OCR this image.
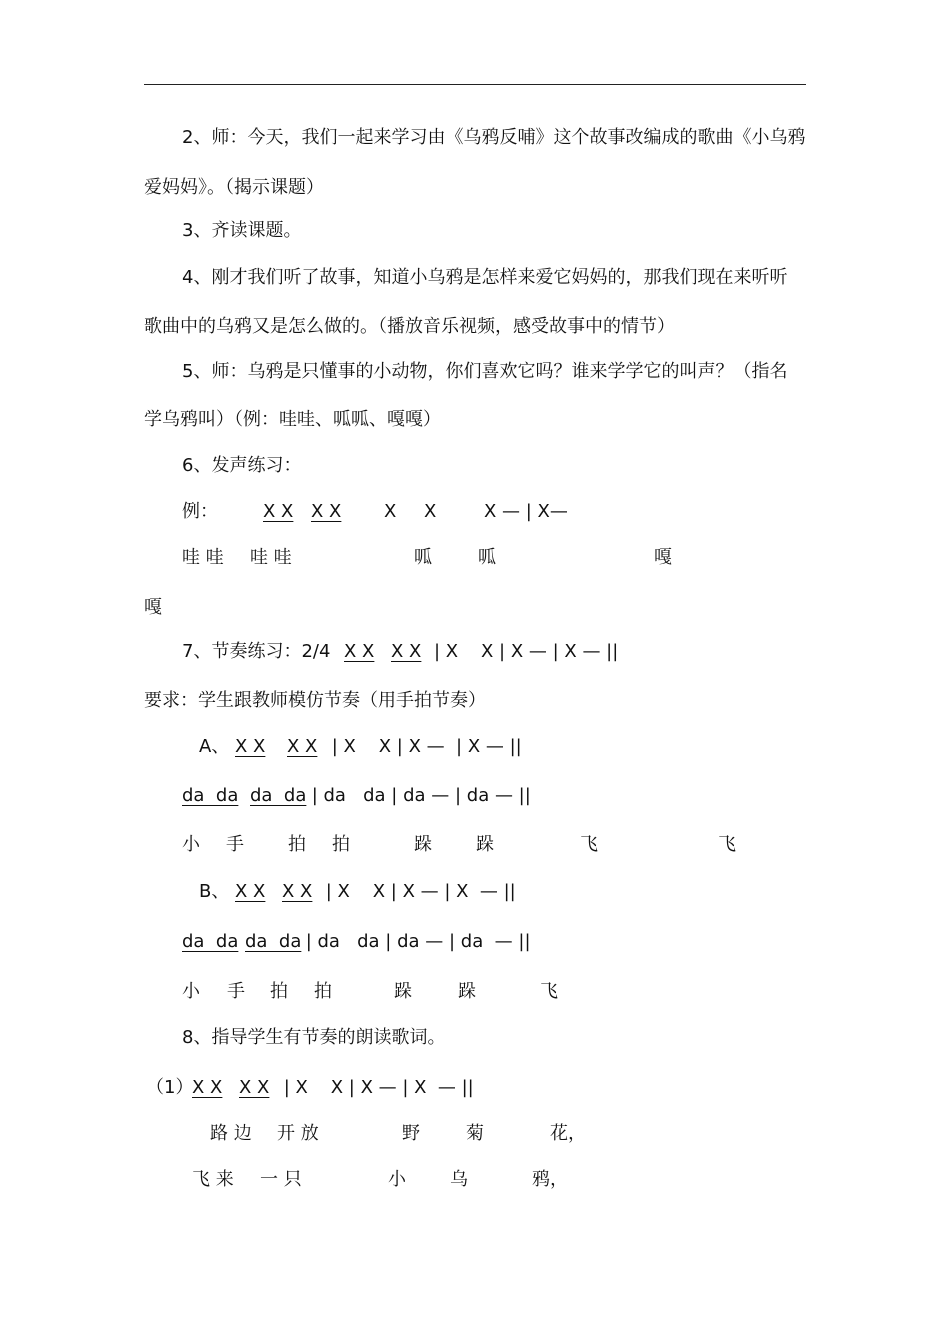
2、师：今天，我们一起来学习由《乌鸦反哺》这个故事改编成的歌曲《小乌鸦
爱妈妈》。（揭示课题）
3、齐读课题。
4、刚才我们听了故事，知道小乌鸦是怎样来爱它妈妈的，那我们现在来听听
歌曲中的乌鸦又是怎么做的。（播放音乐视频，感受故事中的情节）
5、师：乌鸦是只懂事的小动物，你们喜欢它吗？谁来学学它的叫声？（指名
学乌鸦叫）（例：哇哇、呱呱、嘎嘎）
6、发声练习：
例：	X X X X X X	X — | X—
哇 哇 哇 哇	呱	呱	嘎
嘎
7、节奏练习：2/4 X X X X | X    X | X — | X — ||
要求：学生跟教师模仿节奏（用手拍节奏）
A、 X X X X | X    X | X —  | X — ||
da  da da  da | da   da | da — | da — ||
小 手 拍 拍	跺 跺	飞	飞
B、 X X X X | X    X | X — | X  — ||
da  da da  da
| da   da | da — | da  — ||
小 手 拍 拍	跺	跺	飞
8、指导学生有节奏的朗读歌词。
（1）
X X X X | X    X | X — | X  — ||
路 边 开 放	野	菊	花，
飞 来 一 只	小 乌	鸦，
